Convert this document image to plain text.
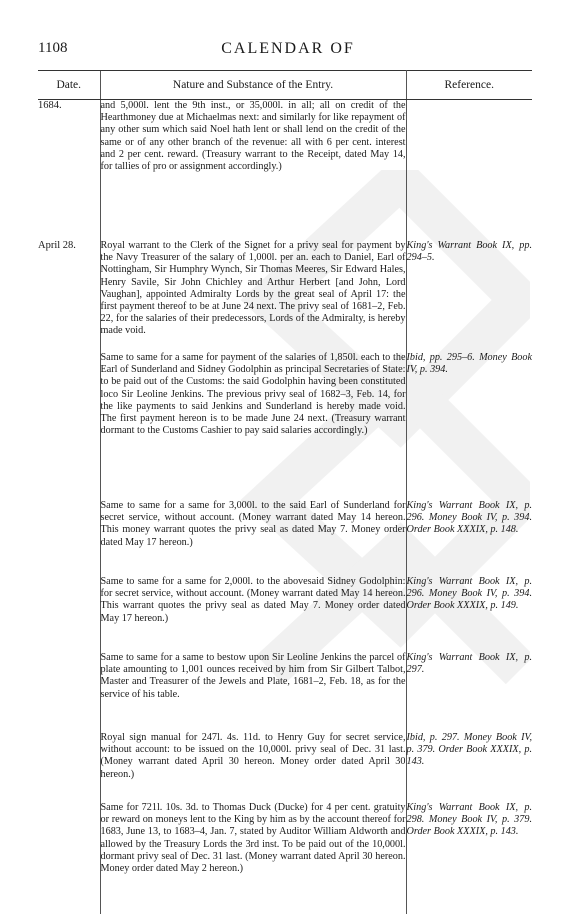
1108	CALENDAR OF
Date.	Nature and Substance of the Entry.	Reference.
1684.	and 5,000l. lent the 9th inst., or 35,000l. in all; all on credit of the Hearthmoney due at Michaelmas next: and similarly for like repayment of any other sum which said Noel hath lent or shall lend on the credit of the same or of any other branch of the revenue: all with 6 per cent. interest and 2 per cent. reward. (Treasury warrant to the Receipt, dated May 14, for tallies of pro or assignment accordingly.)	
April 28.	Royal warrant to the Clerk of the Signet for a privy seal for payment by the Navy Treasurer of the salary of 1,000l. per an. each to Daniel, Earl of Nottingham, Sir Humphry Wynch, Sir Thomas Meeres, Sir Edward Hales, Henry Savile, Sir John Chichley and Arthur Herbert [and John, Lord Vaughan], appointed Admiralty Lords by the great seal of April 17: the first payment thereof to be at June 24 next. The privy seal of 1681–2, Feb. 22, for the salaries of their predecessors, Lords of the Admiralty, is hereby made void.	King's Warrant Book IX, pp. 294–5.
	Same to same for a same for payment of the salaries of 1,850l. each to the Earl of Sunderland and Sidney Godolphin as principal Secretaries of State: to be paid out of the Customs: the said Godolphin having been constituted loco Sir Leoline Jenkins. The previous privy seal of 1682–3, Feb. 14, for the like payments to said Jenkins and Sunderland is hereby made void. The first payment hereon is to be made June 24 next. (Treasury warrant dormant to the Customs Cashier to pay said salaries accordingly.)	Ibid, pp. 295–6. Money Book IV, p. 394.
	Same to same for a same for 3,000l. to the said Earl of Sunderland for secret service, without account. (Money warrant dated May 14 hereon. This money warrant quotes the privy seal as dated May 7. Money order dated May 17 hereon.)	King's Warrant Book IX, p. 296. Money Book IV, p. 394. Order Book XXXIX, p. 148.
	Same to same for a same for 2,000l. to the abovesaid Sidney Godolphin: for secret service, without account. (Money warrant dated May 14 hereon. This warrant quotes the privy seal as dated May 7. Money order dated May 17 hereon.)	King's Warrant Book IX, p. 296. Money Book IV, p. 394. Order Book XXXIX, p. 149.
	Same to same for a same to bestow upon Sir Leoline Jenkins the parcel of plate amounting to 1,001 ounces received by him from Sir Gilbert Talbot, Master and Treasurer of the Jewels and Plate, 1681–2, Feb. 18, as for the service of his table.	King's Warrant Book IX, p. 297.
	Royal sign manual for 247l. 4s. 11d. to Henry Guy for secret service, without account: to be issued on the 10,000l. privy seal of Dec. 31 last. (Money warrant dated April 30 hereon. Money order dated April 30 hereon.)	Ibid, p. 297. Money Book IV, p. 379. Order Book XXXIX, p. 143.
	Same for 721l. 10s. 3d. to Thomas Duck (Ducke) for 4 per cent. gratuity or reward on moneys lent to the King by him as by the account thereof for 1683, June 13, to 1683–4, Jan. 7, stated by Auditor William Aldworth and allowed by the Treasury Lords the 3rd inst. To be paid out of the 10,000l. dormant privy seal of Dec. 31 last. (Money warrant dated April 30 hereon. Money order dated May 2 hereon.)	King's Warrant Book IX, p. 298. Money Book IV, p. 379. Order Book XXXIX, p. 143.
